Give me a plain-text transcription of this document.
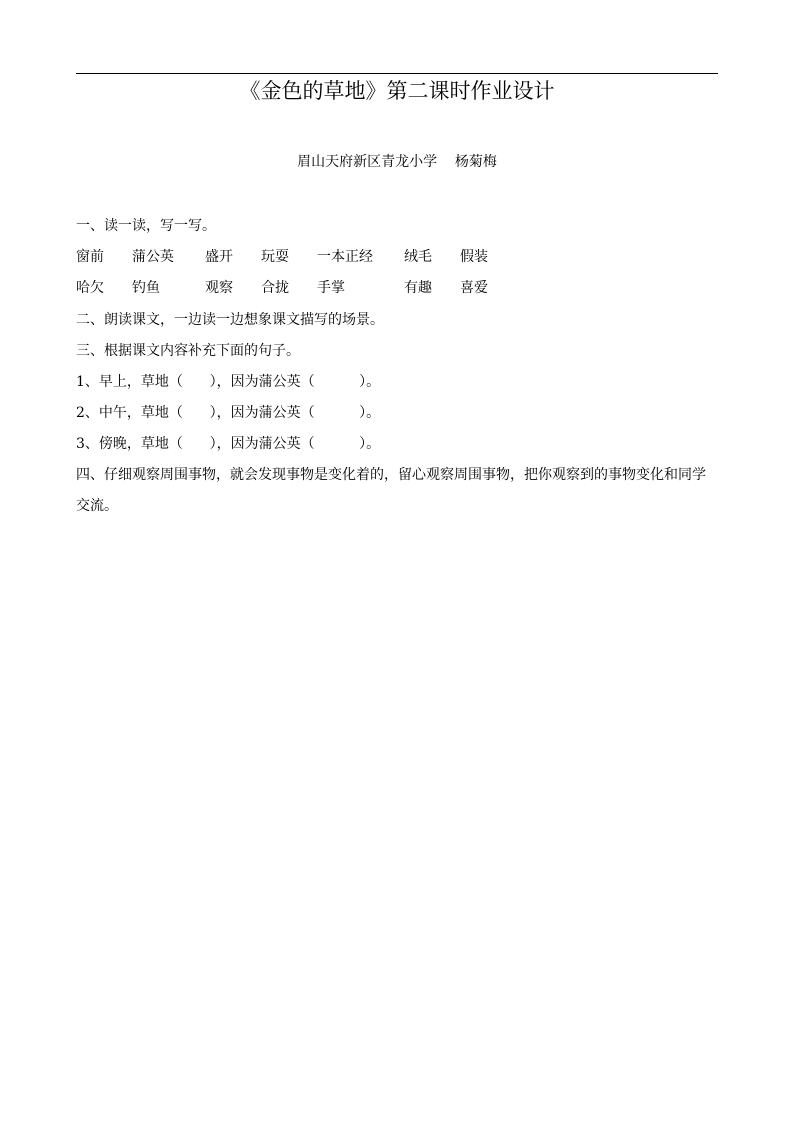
《金色的草地》第二课时作业设计
眉山天府新区青龙小学    杨菊梅
一、读一读，写一写。
窗前 蒲公英 盛开 玩耍 一本正经 绒毛 假装
哈欠 钓鱼	观察 合拢 手掌	有趣 喜爱
二、朗读课文，一边读一边想象课文描写的场景。
三、根据课文内容补充下面的句子。
1、早上，草地（      ），因为蒲公英（          ）。
2、中午，草地（      ），因为蒲公英（          ）。
3、傍晚，草地（      ），因为蒲公英（          ）。
四、仔细观察周围事物，就会发现事物是变化着的，留心观察周围事物，把你观察到的事物变化和同学交流。
